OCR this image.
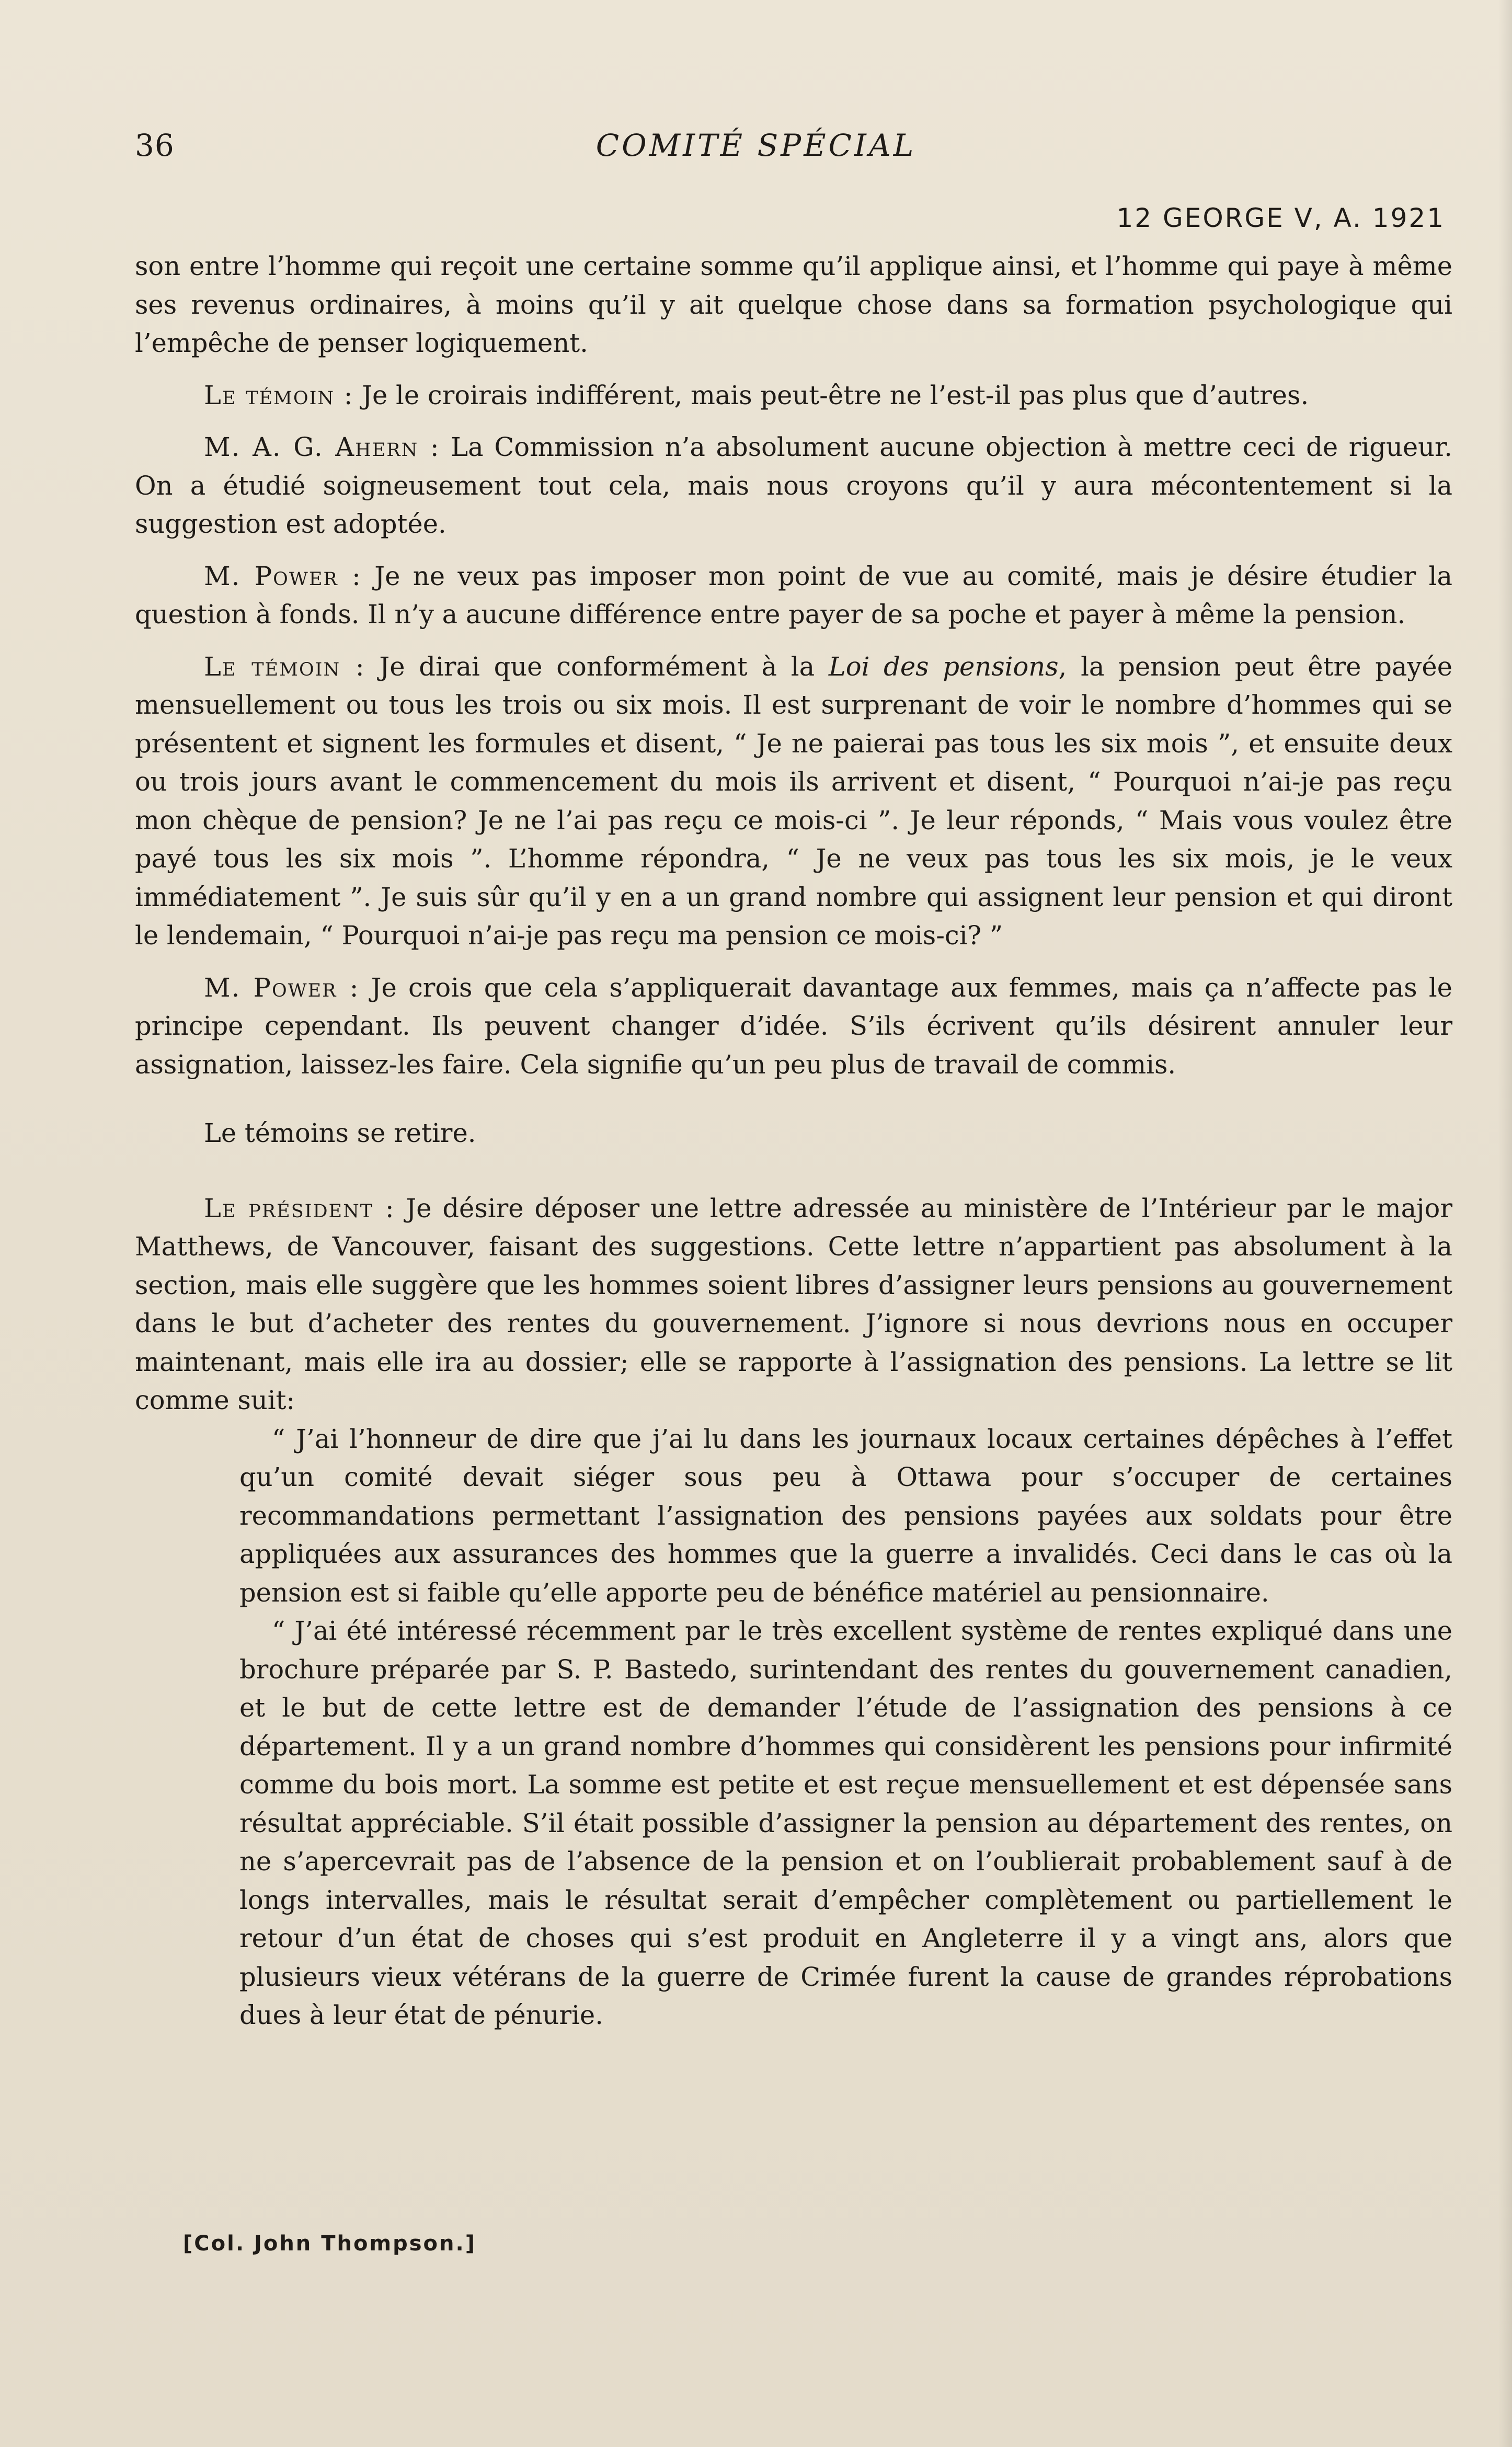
36	COMITÉ SPÉCIAL
12 GEORGE V, A. 1921

son entre l’homme qui reçoit une certaine somme qu’il applique ainsi, et l’homme qui paye à même ses revenus ordinaires, à moins qu’il y ait quelque chose dans sa formation psychologique qui l’empêche de penser logiquement.

Le témoin : Je le croirais indifférent, mais peut-être ne l’est-il pas plus que d’autres.

M. A. G. Ahern : La Commission n’a absolument aucune objection à mettre ceci de rigueur. On a étudié soigneusement tout cela, mais nous croyons qu’il y aura mécontentement si la suggestion est adoptée.

M. Power : Je ne veux pas imposer mon point de vue au comité, mais je désire étudier la question à fonds. Il n’y a aucune différence entre payer de sa poche et payer à même la pension.

Le témoin : Je dirai que conformément à la Loi des pensions, la pension peut être payée mensuellement ou tous les trois ou six mois. Il est surprenant de voir le nombre d’hommes qui se présentent et signent les formules et disent, “ Je ne paierai pas tous les six mois ”, et ensuite deux ou trois jours avant le commencement du mois ils arrivent et disent, “ Pourquoi n’ai-je pas reçu mon chèque de pension? Je ne l’ai pas reçu ce mois-ci ”. Je leur réponds, “ Mais vous voulez être payé tous les six mois ”. L’homme répondra, “ Je ne veux pas tous les six mois, je le veux immédiatement ”. Je suis sûr qu’il y en a un grand nombre qui assignent leur pension et qui diront le lendemain, “ Pourquoi n’ai-je pas reçu ma pension ce mois-ci? ”

M. Power : Je crois que cela s’appliquerait davantage aux femmes, mais ça n’affecte pas le principe cependant. Ils peuvent changer d’idée. S’ils écrivent qu’ils désirent annuler leur assignation, laissez-les faire. Cela signifie qu’un peu plus de travail de commis.

Le témoins se retire.

Le président : Je désire déposer une lettre adressée au ministère de l’Intérieur par le major Matthews, de Vancouver, faisant des suggestions. Cette lettre n’appartient pas absolument à la section, mais elle suggère que les hommes soient libres d’assigner leurs pensions au gouvernement dans le but d’acheter des rentes du gouvernement. J’ignore si nous devrions nous en occuper maintenant, mais elle ira au dossier; elle se rapporte à l’assignation des pensions. La lettre se lit comme suit:

“ J’ai l’honneur de dire que j’ai lu dans les journaux locaux certaines dépêches à l’effet qu’un comité devait siéger sous peu à Ottawa pour s’occuper de certaines recommandations permettant l’assignation des pensions payées aux soldats pour être appliquées aux assurances des hommes que la guerre a invalidés. Ceci dans le cas où la pension est si faible qu’elle apporte peu de bénéfice matériel au pensionnaire.

“ J’ai été intéressé récemment par le très excellent système de rentes expliqué dans une brochure préparée par S. P. Bastedo, surintendant des rentes du gouvernement canadien, et le but de cette lettre est de demander l’étude de l’assignation des pensions à ce département. Il y a un grand nombre d’hommes qui considèrent les pensions pour infirmité comme du bois mort. La somme est petite et est reçue mensuellement et est dépensée sans résultat appréciable. S’il était possible d’assigner la pension au département des rentes, on ne s’apercevrait pas de l’absence de la pension et on l’oublierait probablement sauf à de longs intervalles, mais le résultat serait d’empêcher complètement ou partiellement le retour d’un état de choses qui s’est produit en Angleterre il y a vingt ans, alors que plusieurs vieux vétérans de la guerre de Crimée furent la cause de grandes réprobations dues à leur état de pénurie.

[Col. John Thompson.]
